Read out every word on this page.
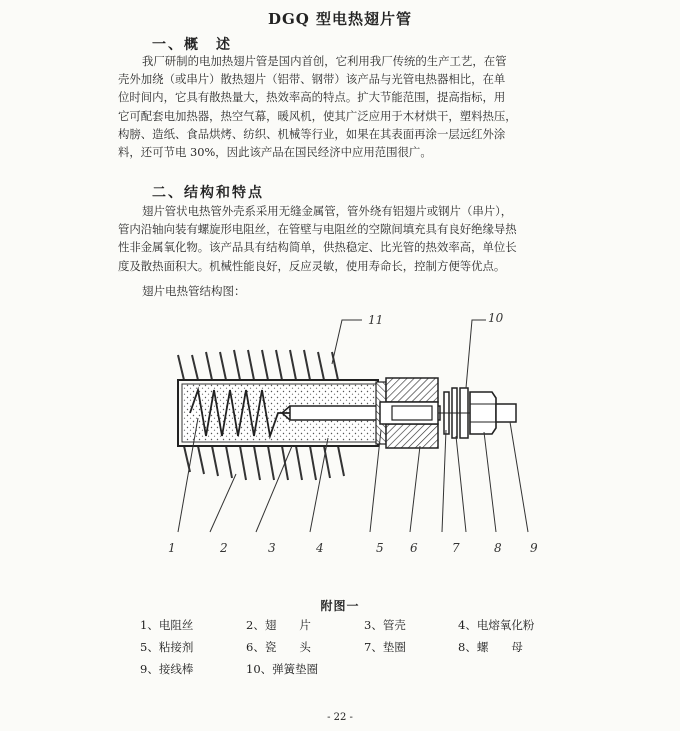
DGQ 型电热翅片管
一、概　述
我厂研制的电加热翅片管是国内首创，它利用我厂传统的生产工艺，在管
壳外加绕（或串片）散热翅片（铝带、钢带）该产品与光管电热器相比，在单
位时间内，它具有散热量大，热效率高的特点。扩大节能范围，提高指标，用
它可配套电加热器，热空气幕，暖风机，使其广泛应用于木材烘干，塑料热压，
构膀、造纸、食品烘烤、纺织、机械等行业，如果在其表面再涂一层远红外涂
料，还可节电 30%，因此该产品在国民经济中应用范围很广。
二、结构和特点
翅片管状电热管外壳系采用无缝金属管，管外绕有铝翅片或钢片（串片），
管内沿轴向装有螺旋形电阻丝，在管壁与电阻丝的空隙间填充具有良好绝缘导热
性非金属氧化物。该产品具有结构简单，供热稳定、比光管的热效率高，单位长
度及散热面积大。机械性能良好，反应灵敏，使用寿命长，控制方便等优点。
翅片电热管结构图：
11	10
1	2	3	4	5 6	7	8 9
附图一
1、电阻丝	2、翅　　片	3、管壳	4、电熔氧化粉
5、粘接剂	6、瓷　　头	7、垫圈	8、螺　　母
9、接线棒	10、弹簧垫圈
- 22 -
